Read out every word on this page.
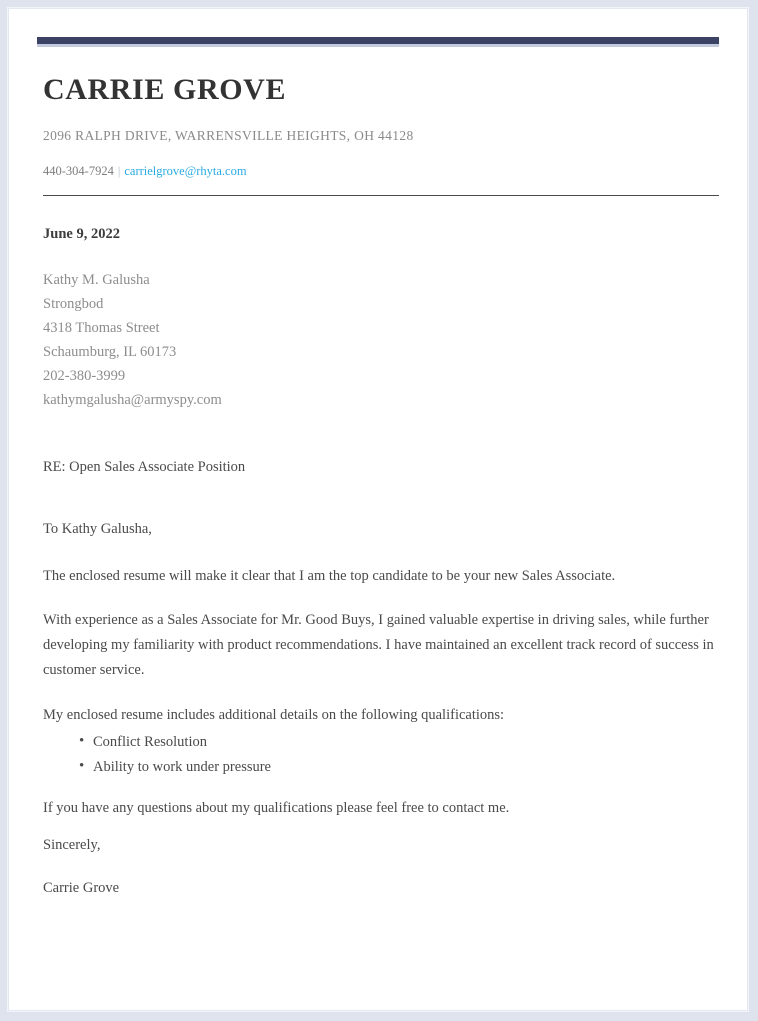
CARRIE GROVE
2096 RALPH DRIVE, WARRENSVILLE HEIGHTS, OH 44128
440-304-7924 | carrielgrove@rhyta.com
June 9, 2022
Kathy M. Galusha
Strongbod
4318 Thomas Street
Schaumburg, IL 60173
202-380-3999
kathymgalusha@armyspy.com
RE: Open Sales Associate Position
To Kathy Galusha,

The enclosed resume will make it clear that I am the top candidate to be your new Sales Associate.

With experience as a Sales Associate for Mr. Good Buys, I gained valuable expertise in driving sales, while further developing my familiarity with product recommendations. I have maintained an excellent track record of success in customer service.

My enclosed resume includes additional details on the following qualifications:
• Conflict Resolution
• Ability to work under pressure
If you have any questions about my qualifications please feel free to contact me.
Sincerely,
Carrie Grove
